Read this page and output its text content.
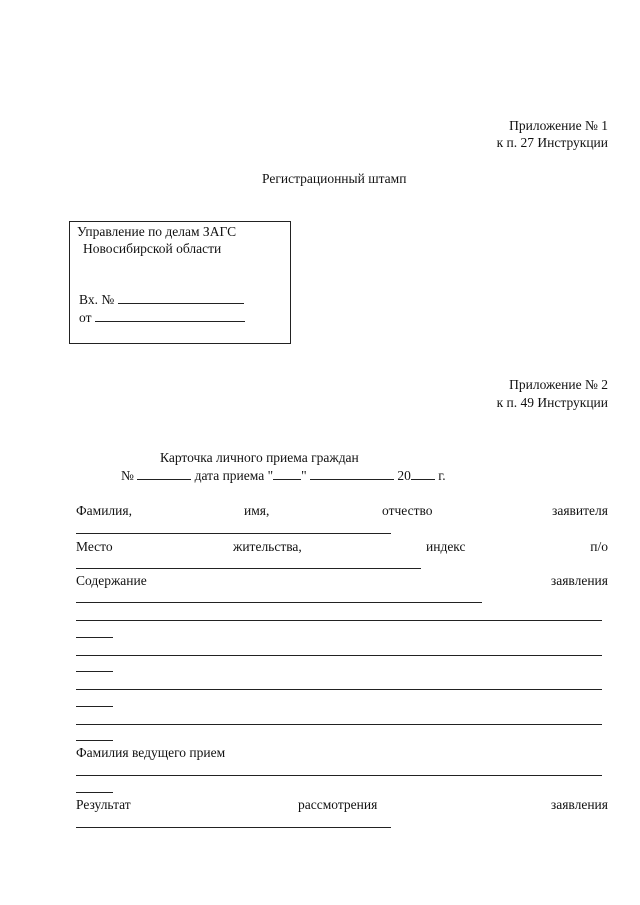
Приложение № 1
к п. 27 Инструкции
Регистрационный штамп
Управление по делам ЗАГС
Новосибирской области
Вх. №
от
Приложение № 2
к п. 49 Инструкции
Карточка личного приема граждан
№	дата приема " "	20 г.
Фамилия,	имя,	отчество	заявителя
Место	жительства,	индекс	п/о
Содержание	заявления
Фамилия ведущего прием
Результат	рассмотрения	заявления
